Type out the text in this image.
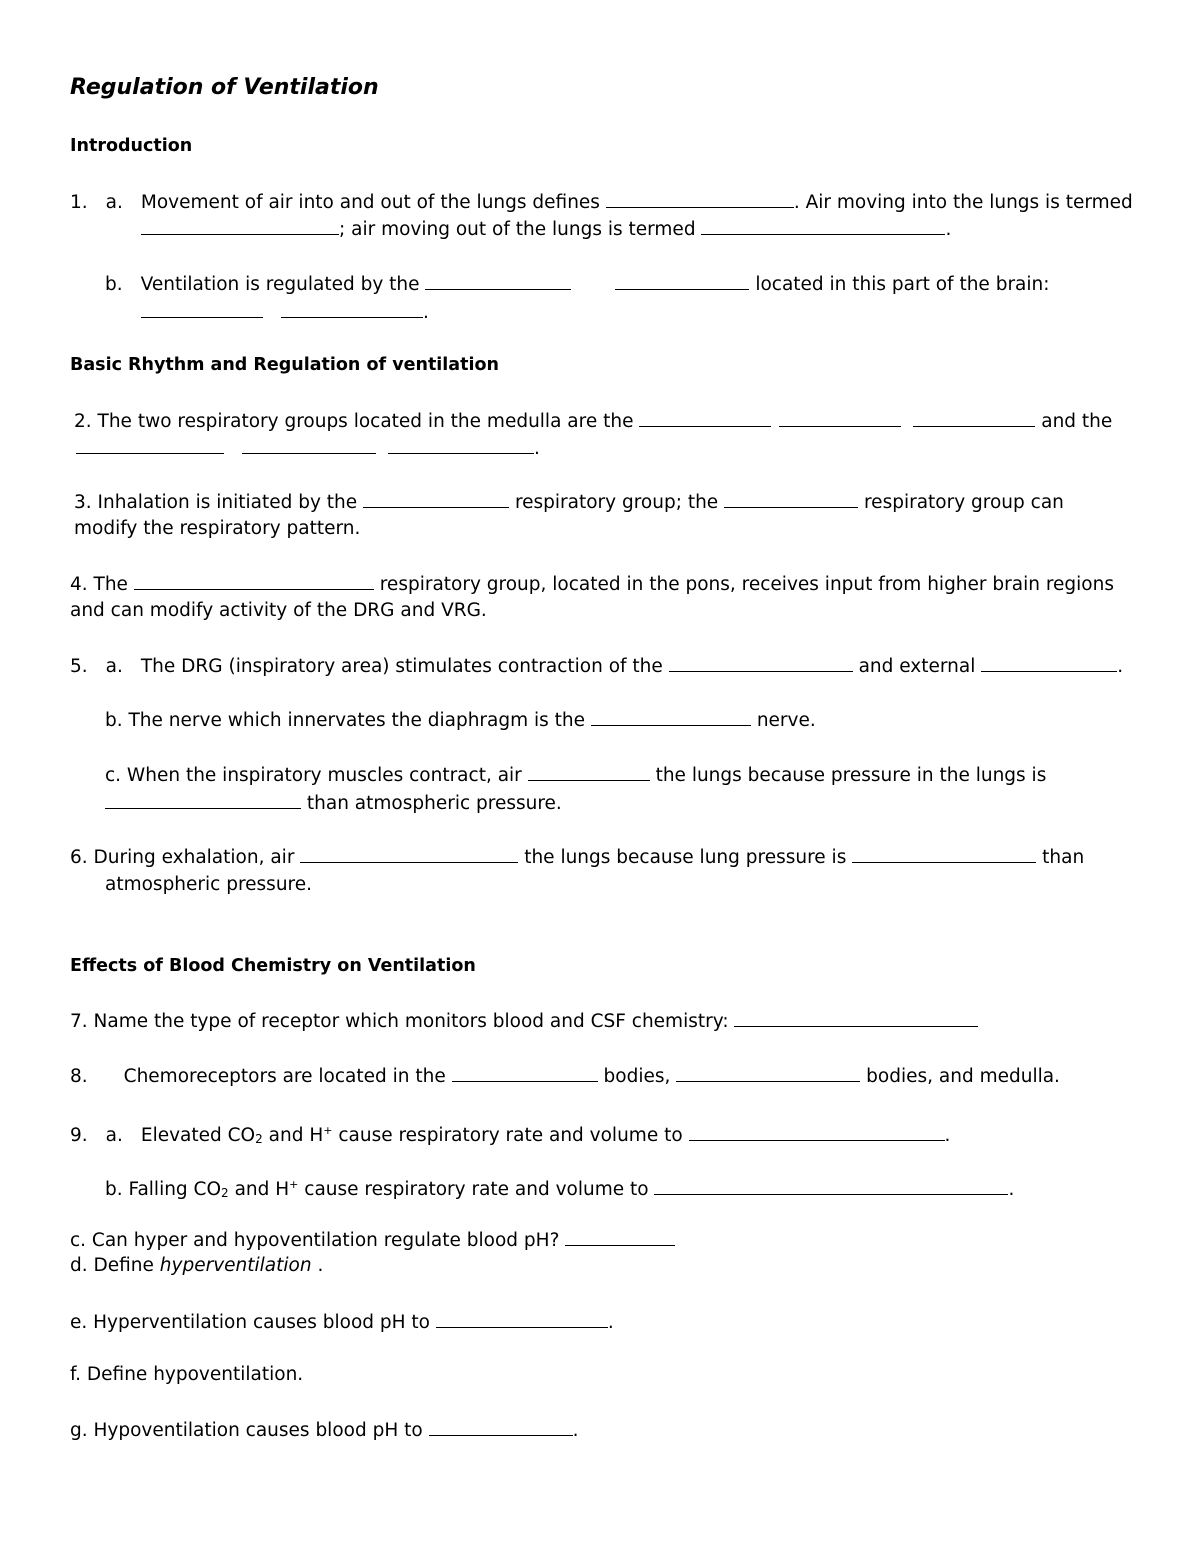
Regulation of Ventilation
Introduction
1. a. Movement of air into and out of the lungs defines	. Air moving into the lungs is termed
; air moving out of the lungs is termed	.
b. Ventilation is regulated by the	located in this part of the brain:
.
Basic Rhythm and Regulation of ventilation
2. The two respiratory groups located in the medulla are the	and the
.
3. Inhalation is initiated by the	respiratory group; the	respiratory group can
modify the respiratory pattern.
4. The	respiratory group, located in the pons, receives input from higher brain regions
and can modify activity of the DRG and VRG.
5. a. The DRG (inspiratory area) stimulates contraction of the	and external	.
b. The nerve which innervates the diaphragm is the	nerve.
c. When the inspiratory muscles contract, air	the lungs because pressure in the lungs is
than atmospheric pressure.
6. During exhalation, air	the lungs because lung pressure is	than
atmospheric pressure.
Effects of Blood Chemistry on Ventilation
7. Name the type of receptor which monitors blood and CSF chemistry:
8. Chemoreceptors are located in the	bodies,	bodies, and medulla.
9. a. Elevated CO2 and H+ cause respiratory rate and volume to	.
b. Falling CO2 and H+ cause respiratory rate and volume to	.
c. Can hyper and hypoventilation regulate blood pH?
d. Define hyperventilation .
e. Hyperventilation causes blood pH to	.
f. Define hypoventilation.
g. Hypoventilation causes blood pH to	.
